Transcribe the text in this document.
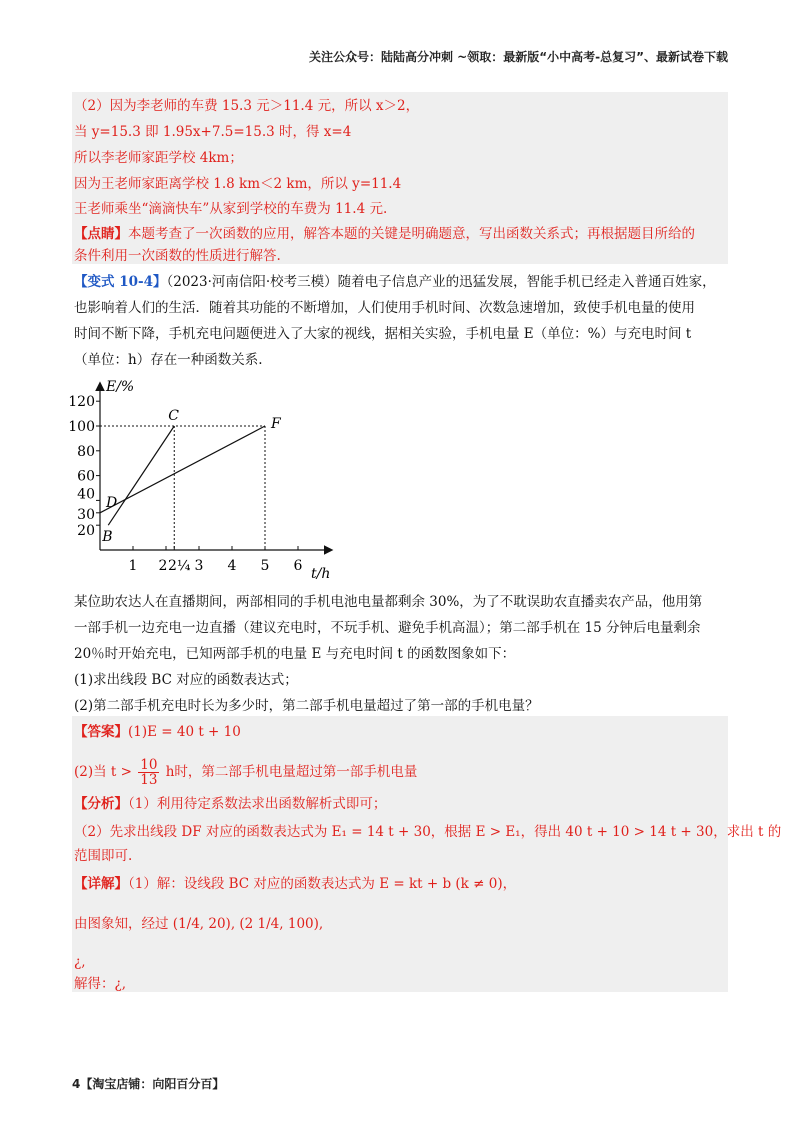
关注公众号：陆陆高分冲刺 ~领取：最新版“小中高考-总复习”、最新试卷下载
（2）因为李老师的车费 15.3 元＞11.4 元，所以 x＞2，
当 y=15.3 即 1.95x+7.5=15.3 时，得 x=4
所以李老师家距学校 4km；
因为王老师家距离学校 1.8 km＜2 km，所以 y=11.4
王老师乘坐“滴滴快车”从家到学校的车费为 11.4 元.
【点睛】本题考查了一次函数的应用，解答本题的关键是明确题意，写出函数关系式；再根据题目所给的
条件利用一次函数的性质进行解答.
【变式 10-4】（2023·河南信阳·校考三模）随着电子信息产业的迅猛发展，智能手机已经走入普通百姓家，
也影响着人们的生活．随着其功能的不断增加，人们使用手机时间、次数急速增加，致使手机电量的使用
时间不断下降，手机充电问题便进入了大家的视线，据相关实验，手机电量 E（单位：%）与充电时间 t
（单位：h）存在一种函数关系.
E/%
t/h
120
100
80
60
40
30
20
1 2 2¼ 3 4 5 6
B
C
D
F
某位助农达人在直播期间，两部相同的手机电池电量都剩余 30%，为了不耽误助农直播卖农产品，他用第
一部手机一边充电一边直播（建议充电时，不玩手机、避免手机高温）；第二部手机在 15 分钟后电量剩余
20％时开始充电，已知两部手机的电量 E 与充电时间 t 的函数图象如下：
(1)求出线段 BC 对应的函数表达式；
(2)第二部手机充电时长为多少时，第二部手机电量超过了第一部的手机电量？
【答案】(1)E = 40 t + 10
(2)当 $t > \frac{10}{13}$ h时，第二部手机电量超过第一部手机电量
【分析】（1）利用待定系数法求出函数解析式即可；
（2）先求出线段 DF 对应的函数表达式为 E₁ = 14 t + 30，根据 E > E₁，得出 40 t + 10 > 14 t + 30，求出 t 的
范围即可.
【详解】（1）解：设线段 BC 对应的函数表达式为 E = kt + b (k ≠ 0)，
由图象知，经过 (1/4, 20), (2 1/4, 100),
¿,
解得：¿,
4【淘宝店铺：向阳百分百】
